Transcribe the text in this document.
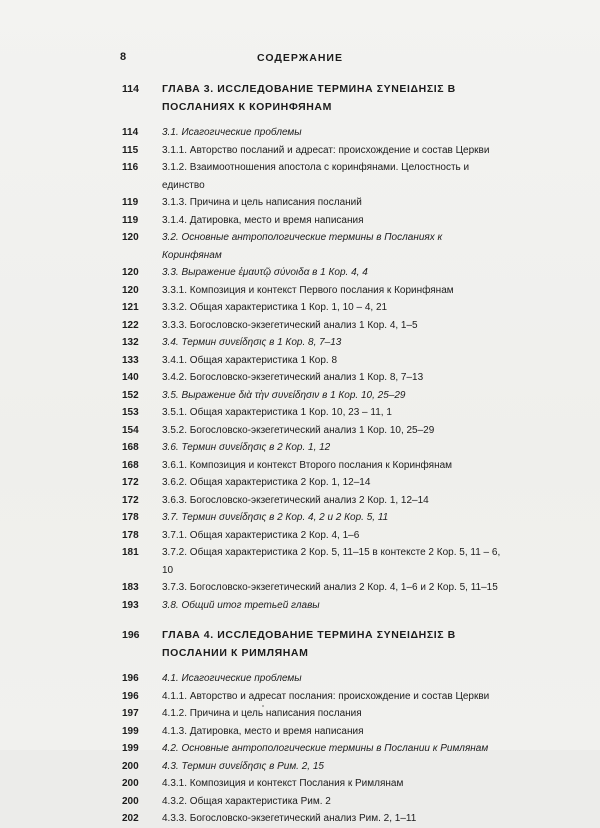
8	СОДЕРЖАНИЕ
114	ГЛАВА 3. ИССЛЕДОВАНИЕ ТЕРМИНА ΣΥΝΕΙΔΗΣΙΣ В ПОСЛАНИЯХ К КОРИНФЯНАМ
114	3.1. Исагогические проблемы
115	3.1.1. Авторство посланий и адресат: происхождение и состав Церкви
116	3.1.2. Взаимоотношения апостола с коринфянами. Целостность и единство
119	3.1.3. Причина и цель написания посланий
119	3.1.4. Датировка, место и время написания
120	3.2. Основные антропологические термины в Посланиях к Коринфянам
120	3.3. Выражение ἐμαυτῷ σύνοιδα в 1 Кор. 4, 4
120	3.3.1. Композиция и контекст Первого послания к Коринфянам
121	3.3.2. Общая характеристика 1 Кор. 1, 10 – 4, 21
122	3.3.3. Богословско-экзегетический анализ 1 Кор. 4, 1–5
132	3.4. Термин συνείδησις в 1 Кор. 8, 7–13
133	3.4.1. Общая характеристика 1 Кор. 8
140	3.4.2. Богословско-экзегетический анализ 1 Кор. 8, 7–13
152	3.5. Выражение διὰ τὴν συνείδησιν в 1 Кор. 10, 25–29
153	3.5.1. Общая характеристика 1 Кор. 10, 23 – 11, 1
154	3.5.2. Богословско-экзегетический анализ 1 Кор. 10, 25–29
168	3.6. Термин συνείδησις в 2 Кор. 1, 12
168	3.6.1. Композиция и контекст Второго послания к Коринфянам
172	3.6.2. Общая характеристика 2 Кор. 1, 12–14
172	3.6.3. Богословско-экзегетический анализ 2 Кор. 1, 12–14
178	3.7. Термин συνείδησις в 2 Кор. 4, 2 и 2 Кор. 5, 11
178	3.7.1. Общая характеристика 2 Кор. 4, 1–6
181	3.7.2. Общая характеристика 2 Кор. 5, 11–15 в контексте 2 Кор. 5, 11 – 6, 10
183	3.7.3. Богословско-экзегетический анализ 2 Кор. 4, 1–6 и 2 Кор. 5, 11–15
193	3.8. Общий итог третьей главы
196	ГЛАВА 4. ИССЛЕДОВАНИЕ ТЕРМИНА ΣΥΝΕΙΔΗΣΙΣ В ПОСЛАНИИ К РИМЛЯНАМ
196	4.1. Исагогические проблемы
196	4.1.1. Авторство и адресат послания: происхождение и состав Церкви
197	4.1.2. Причина и цель написания послания
199	4.1.3. Датировка, место и время написания
199	4.2. Основные антропологические термины в Послании к Римлянам
200	4.3. Термин συνείδησις в Рим. 2, 15
200	4.3.1. Композиция и контекст Послания к Римлянам
200	4.3.2. Общая характеристика Рим. 2
202	4.3.3. Богословско-экзегетический анализ Рим. 2, 1–11
